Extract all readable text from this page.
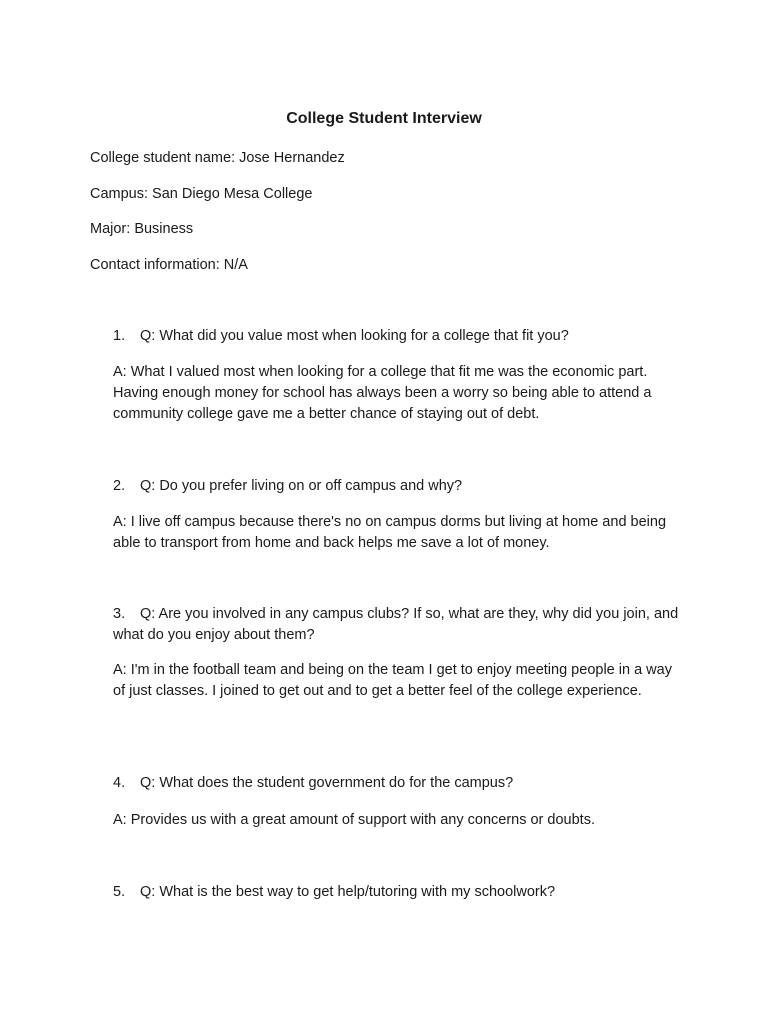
College Student Interview
College student name: Jose Hernandez
Campus: San Diego Mesa College
Major: Business
Contact information: N/A
1. Q: What did you value most when looking for a college that fit you?
A: What I valued most when looking for a college that fit me was the economic part. Having enough money for school has always been a worry so being able to attend a community college gave me a better chance of staying out of debt.
2. Q: Do you prefer living on or off campus and why?
A: I live off campus because there's no on campus dorms but living at home and being able to transport from home and back helps me save a lot of money.
3. Q: Are you involved in any campus clubs? If so, what are they, why did you join, and what do you enjoy about them?
A: I'm in the football team and being on the team I get to enjoy meeting people in a way of just classes. I joined to get out and to get a better feel of the college experience.
4. Q: What does the student government do for the campus?
A: Provides us with a great amount of support with any concerns or doubts.
5. Q: What is the best way to get help/tutoring with my schoolwork?
